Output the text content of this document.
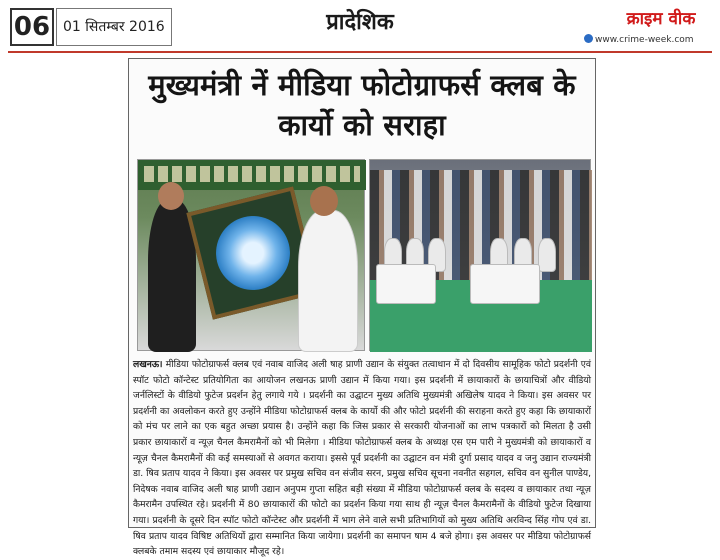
06 01 सितम्बर 2016	प्रादेशिक	क्राइम वीक
www.crime-week.com
मुख्यमंत्री नें मीडिया फोटोग्राफर्स क्लब के
कार्यो को सराहा
लखनऊ। मीडिया फोटोग्राफर्स क्लब एवं नवाब वाजिद अली षाह प्राणी उद्यान के संयुक्त तत्वाधान में दो दिवसीय सामूहिक फोटो प्रदर्शनी एवं स्पॉट फोटो कॉन्टेस्ट प्रतियोगिता का आयोजन लखनऊ प्राणी उद्यान में किया गया। इस प्रदर्शनी में छायाकारों के छायाचित्रों और वीडियो जर्नलिस्टों के वीडियो फुटेज प्रदर्शन हेतु लगाये गये । प्रदर्शनी का उद्घाटन मुख्य अतिथि मुख्यमंत्री अखिलेष यादव ने किया। इस अवसर पर प्रदर्शनी का अवलोकन करते हुए उन्होंने मीडिया फोटोग्राफर्स क्लब के कार्यो की और फोटो प्रदर्शनी की सराहना करते हुए कहा कि छायाकारों को मंच पर लाने का एक बहुत अच्छा प्रयास है। उन्होंने कहा कि जिस प्रकार से सरकारी योजनाओं का लाभ पत्रकारों को मिलता है उसी प्रकार छायाकारों व न्यूज़ चैनल कैमरामैनों को भी मिलेगा । मीडिया फोटोग्राफर्स क्लब के अध्यक्ष एस एम पारी ने मुख्यमंत्री को छायाकारों व न्यूज़ चैनल कैमरामैनों की कई समस्याओं से अवगत कराया। इससे पूर्व प्रदर्शनी का उद्घाटन वन मंत्री दुर्गा प्रसाद यादव व जनु उद्यान राज्यमंत्री डा. षिव प्रताप यादव ने किया। इस अवसर पर प्रमुख सचिव वन संजीव सरन, प्रमुख सचिव सूचना नवनीत सहगल, सचिव वन सुनील पाण्डेय, निदेषक नवाब वाजिद अली षाह प्राणी उद्यान अनुपम गुप्ता सहित बड़ी संख्या में मीडिया फोटोग्राफर्स क्लब के सदस्य व छायाकार तथा न्यूज़ कैमरामैन उपस्थित रहे। प्रदर्शनी में 80 छायाकारों की फोटो का प्रदर्शन किया गया साथ ही न्यूज़ चैनल कैमरामैनों के वीडियो फुटेज दिखाया गया। प्रदर्शनी के दूसरे दिन स्पॉट फोटो कॉन्टेस्ट और प्रदर्शनी में भाग लेने वाले सभी प्रतिभागियों को मुख्य अतिथि अरविन्द सिंह गोप एवं डा. षिव प्रताप यादव विषिष्ट अतिथियों द्वारा सम्मानित किया जायेगा। प्रदर्शनी का समापन षाम 4 बजे होगा। इस अवसर पर मीडिया फोटोग्राफर्स क्लबके तमाम सदस्य एवं छायाकार मौजूद रहे।
